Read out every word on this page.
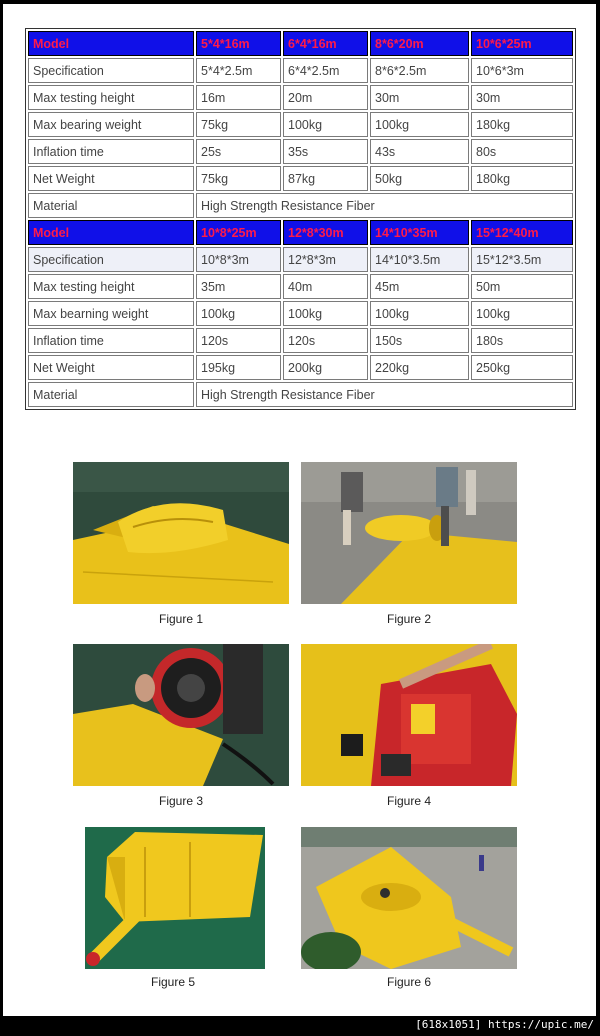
Model	5*4*16m	6*4*16m	8*6*20m	10*6*25m
Specification	5*4*2.5m	6*4*2.5m	8*6*2.5m	10*6*3m
Max testing height	16m	20m	30m	30m
Max bearing weight	75kg	100kg	100kg	180kg
Inflation time	25s	35s	43s	80s
Net Weight	75kg	87kg	50kg	180kg
Material	High Strength Resistance Fiber			
Model	10*8*25m	12*8*30m	14*10*35m	15*12*40m
Specification	10*8*3m	12*8*3m	14*10*3.5m	15*12*3.5m
Max testing height	35m	40m	45m	50m
Max bearning weight	100kg	100kg	100kg	100kg
Inflation time	120s	120s	150s	180s
Net Weight	195kg	200kg	220kg	250kg
Material	High Strength Resistance Fiber			
Figure 1	Figure 2
Figure 3	Figure 4
Figure 5	Figure 6
[618x1051] https://upic.me/
